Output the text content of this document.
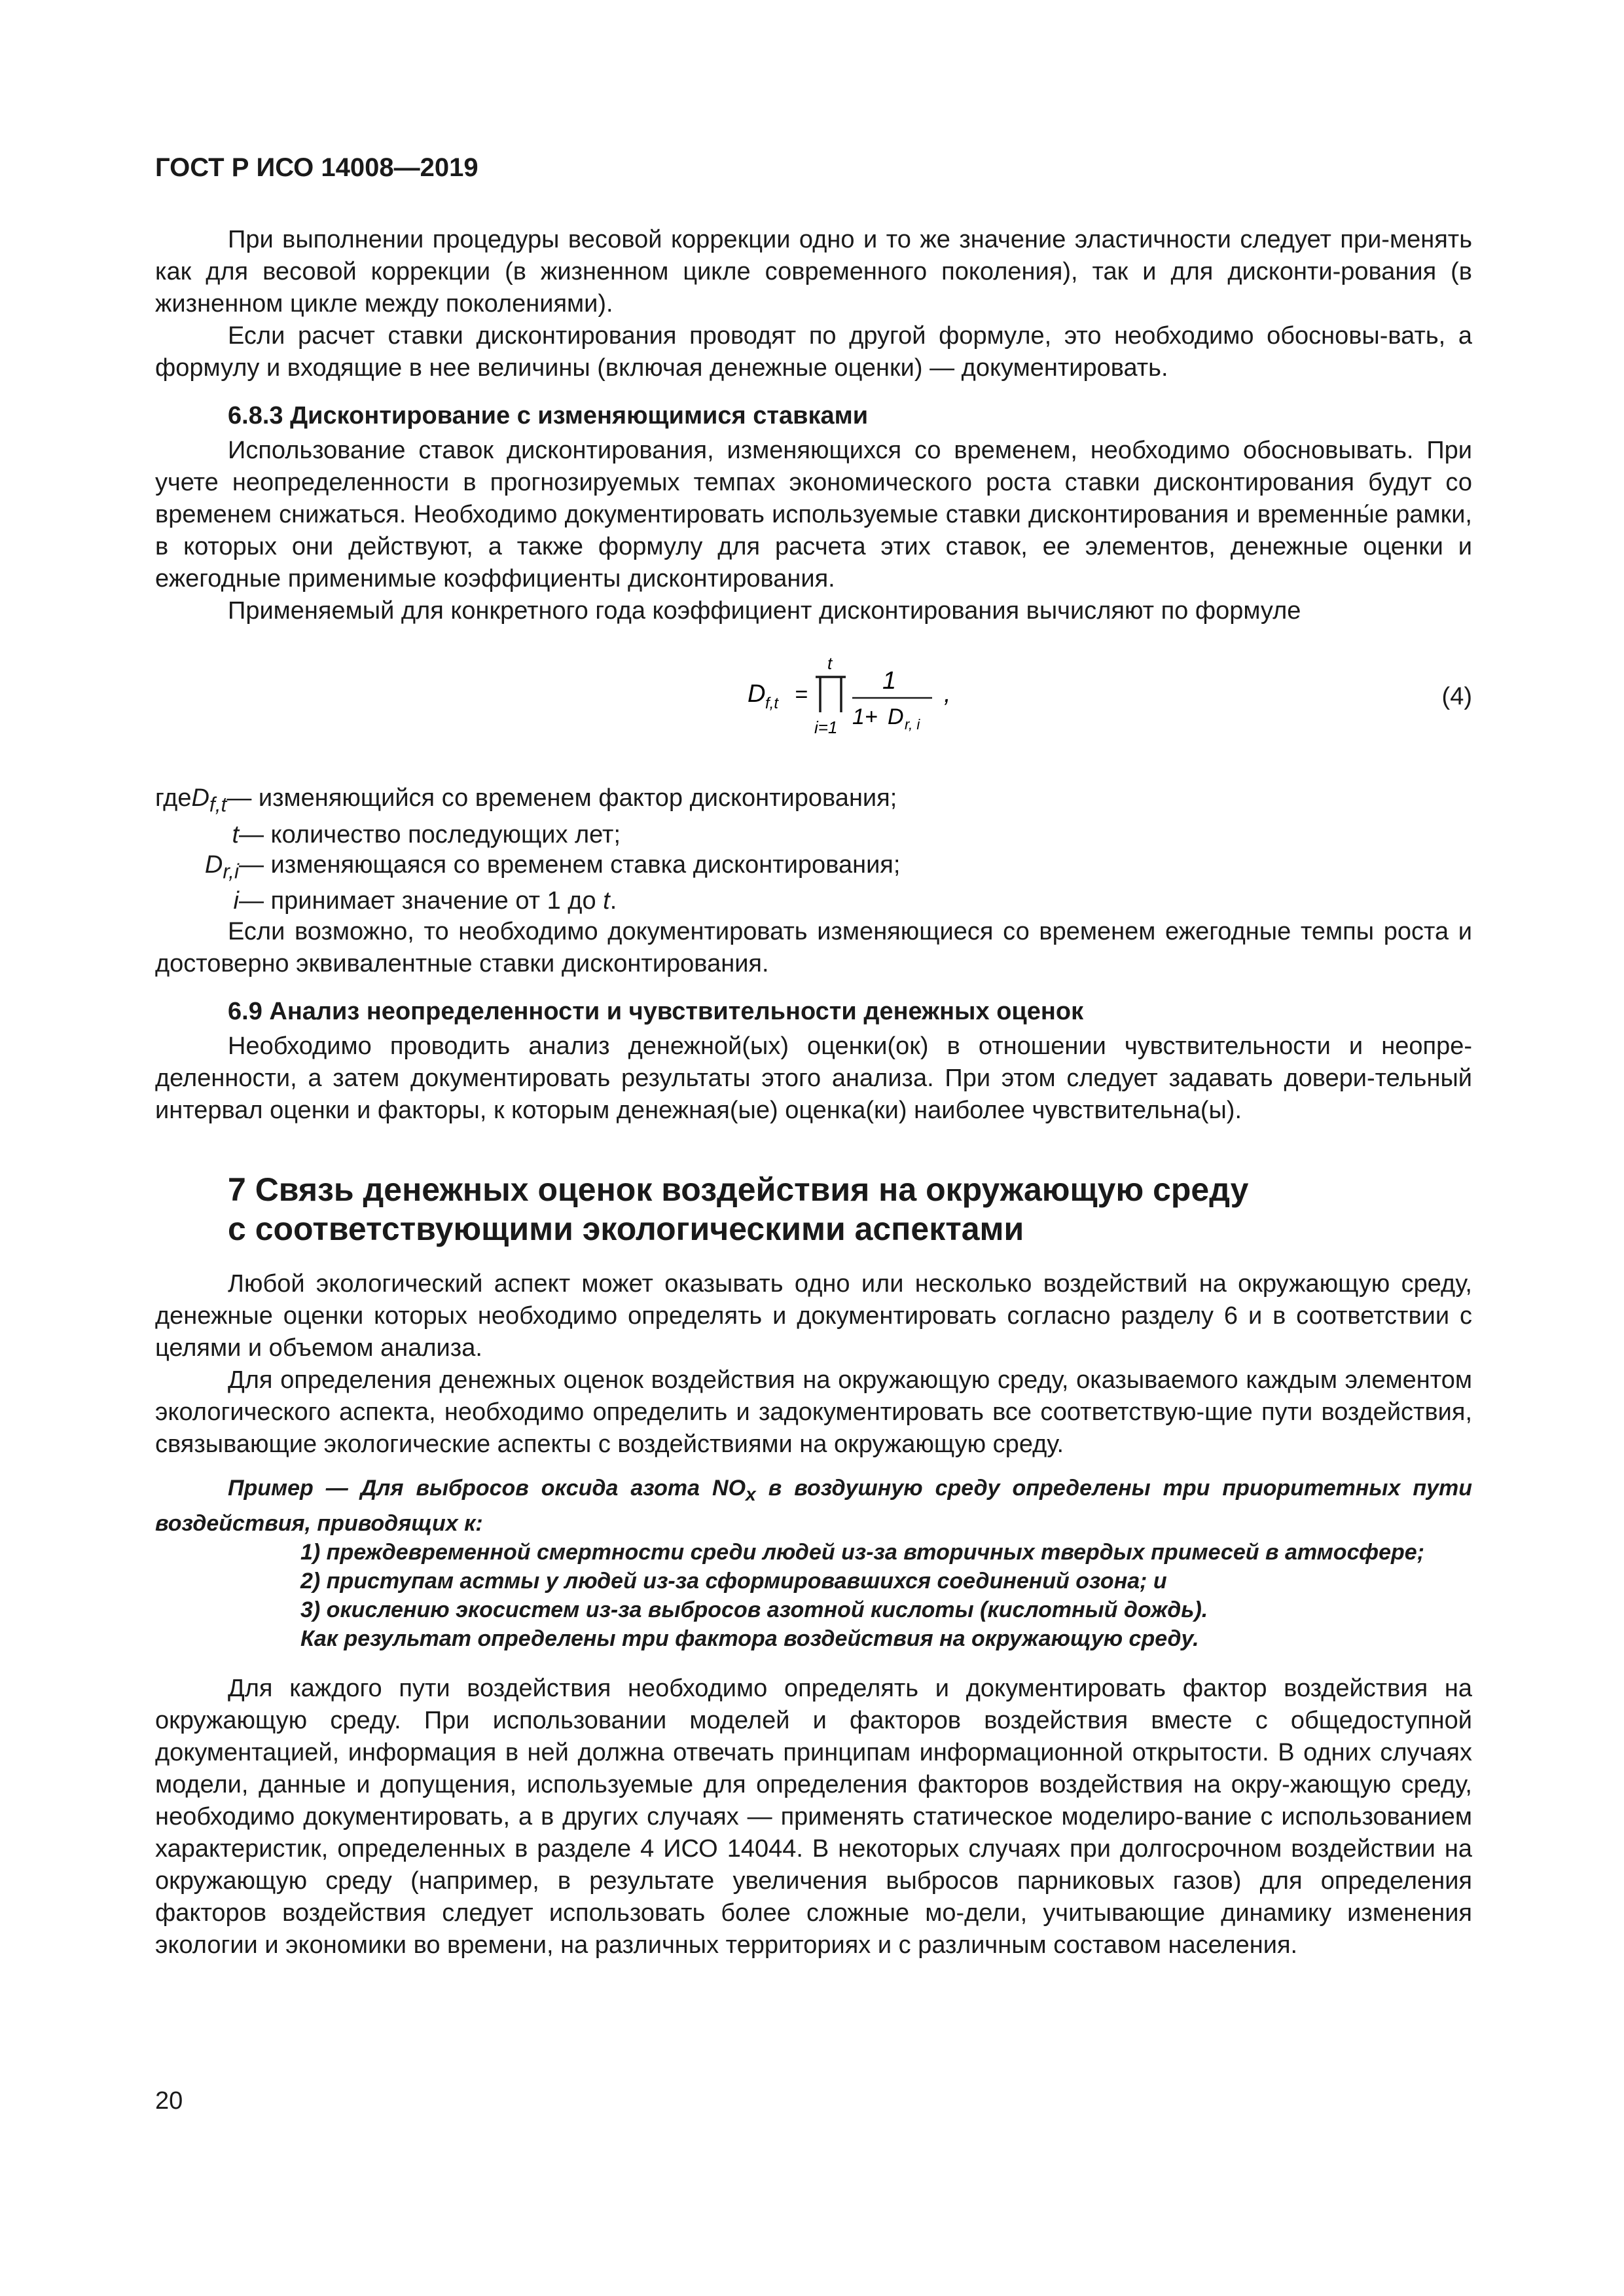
ГОСТ Р ИСО 14008—2019

При выполнении процедуры весовой коррекции одно и то же значение эластичности следует при-менять как для весовой коррекции (в жизненном цикле современного поколения), так и для дисконти-рования (в жизненном цикле между поколениями).

Если расчет ставки дисконтирования проводят по другой формуле, это необходимо обосновы-вать, а формулу и входящие в нее величины (включая денежные оценки) — документировать.

6.8.3 Дисконтирование с изменяющимися ставками

Использование ставок дисконтирования, изменяющихся со временем, необходимо обосновывать. При учете неопределенности в прогнозируемых темпах экономического роста ставки дисконтирования будут со временем снижаться. Необходимо документировать используемые ставки дисконтирования и временны́е рамки, в которых они действуют, а также формулу для расчета этих ставок, ее элементов, денежные оценки и ежегодные применимые коэффициенты дисконтирования.

Применяемый для конкретного года коэффициент дисконтирования вычисляют по формуле

D f,t =
t
i=1
1
1+ D r, i
,	(4)
где $D_{f,t}$ — изменяющийся со временем фактор дисконтирования;
t — количество последующих лет;
$D_{r,i}$ — изменяющаяся со временем ставка дисконтирования;
i — принимает значение от 1 до t.

Если возможно, то необходимо документировать изменяющиеся со временем ежегодные темпы роста и достоверно эквивалентные ставки дисконтирования.

6.9 Анализ неопределенности и чувствительности денежных оценок

Необходимо проводить анализ денежной(ых) оценки(ок) в отношении чувствительности и неопре-деленности, а затем документировать результаты этого анализа. При этом следует задавать довери-тельный интервал оценки и факторы, к которым денежная(ые) оценка(ки) наиболее чувствительна(ы).

7 Связь денежных оценок воздействия на окружающую среду
с соответствующими экологическими аспектами

Любой экологический аспект может оказывать одно или несколько воздействий на окружающую среду, денежные оценки которых необходимо определять и документировать согласно разделу 6 и в соответствии с целями и объемом анализа.

Для определения денежных оценок воздействия на окружающую среду, оказываемого каждым элементом экологического аспекта, необходимо определить и задокументировать все соответствую-щие пути воздействия, связывающие экологические аспекты с воздействиями на окружающую среду.

Пример — Для выбросов оксида азота $NO_x$ в воздушную среду определены три приоритетных пути воздействия, приводящих к:

1) преждевременной смертности среди людей из-за вторичных твердых примесей в атмосфере;

2) приступам астмы у людей из-за сформировавшихся соединений озона; и

3) окислению экосистем из-за выбросов азотной кислоты (кислотный дождь).

Как результат определены три фактора воздействия на окружающую среду.

Для каждого пути воздействия необходимо определять и документировать фактор воздействия на окружающую среду. При использовании моделей и факторов воздействия вместе с общедоступной документацией, информация в ней должна отвечать принципам информационной открытости. В одних случаях модели, данные и допущения, используемые для определения факторов воздействия на окру-жающую среду, необходимо документировать, а в других случаях — применять статическое моделиро-вание с использованием характеристик, определенных в разделе 4 ИСО 14044. В некоторых случаях при долгосрочном воздействии на окружающую среду (например, в результате увеличения выбросов парниковых газов) для определения факторов воздействия следует использовать более сложные мо-дели, учитывающие динамику изменения экологии и экономики во времени, на различных территориях и с различным составом населения.

20
